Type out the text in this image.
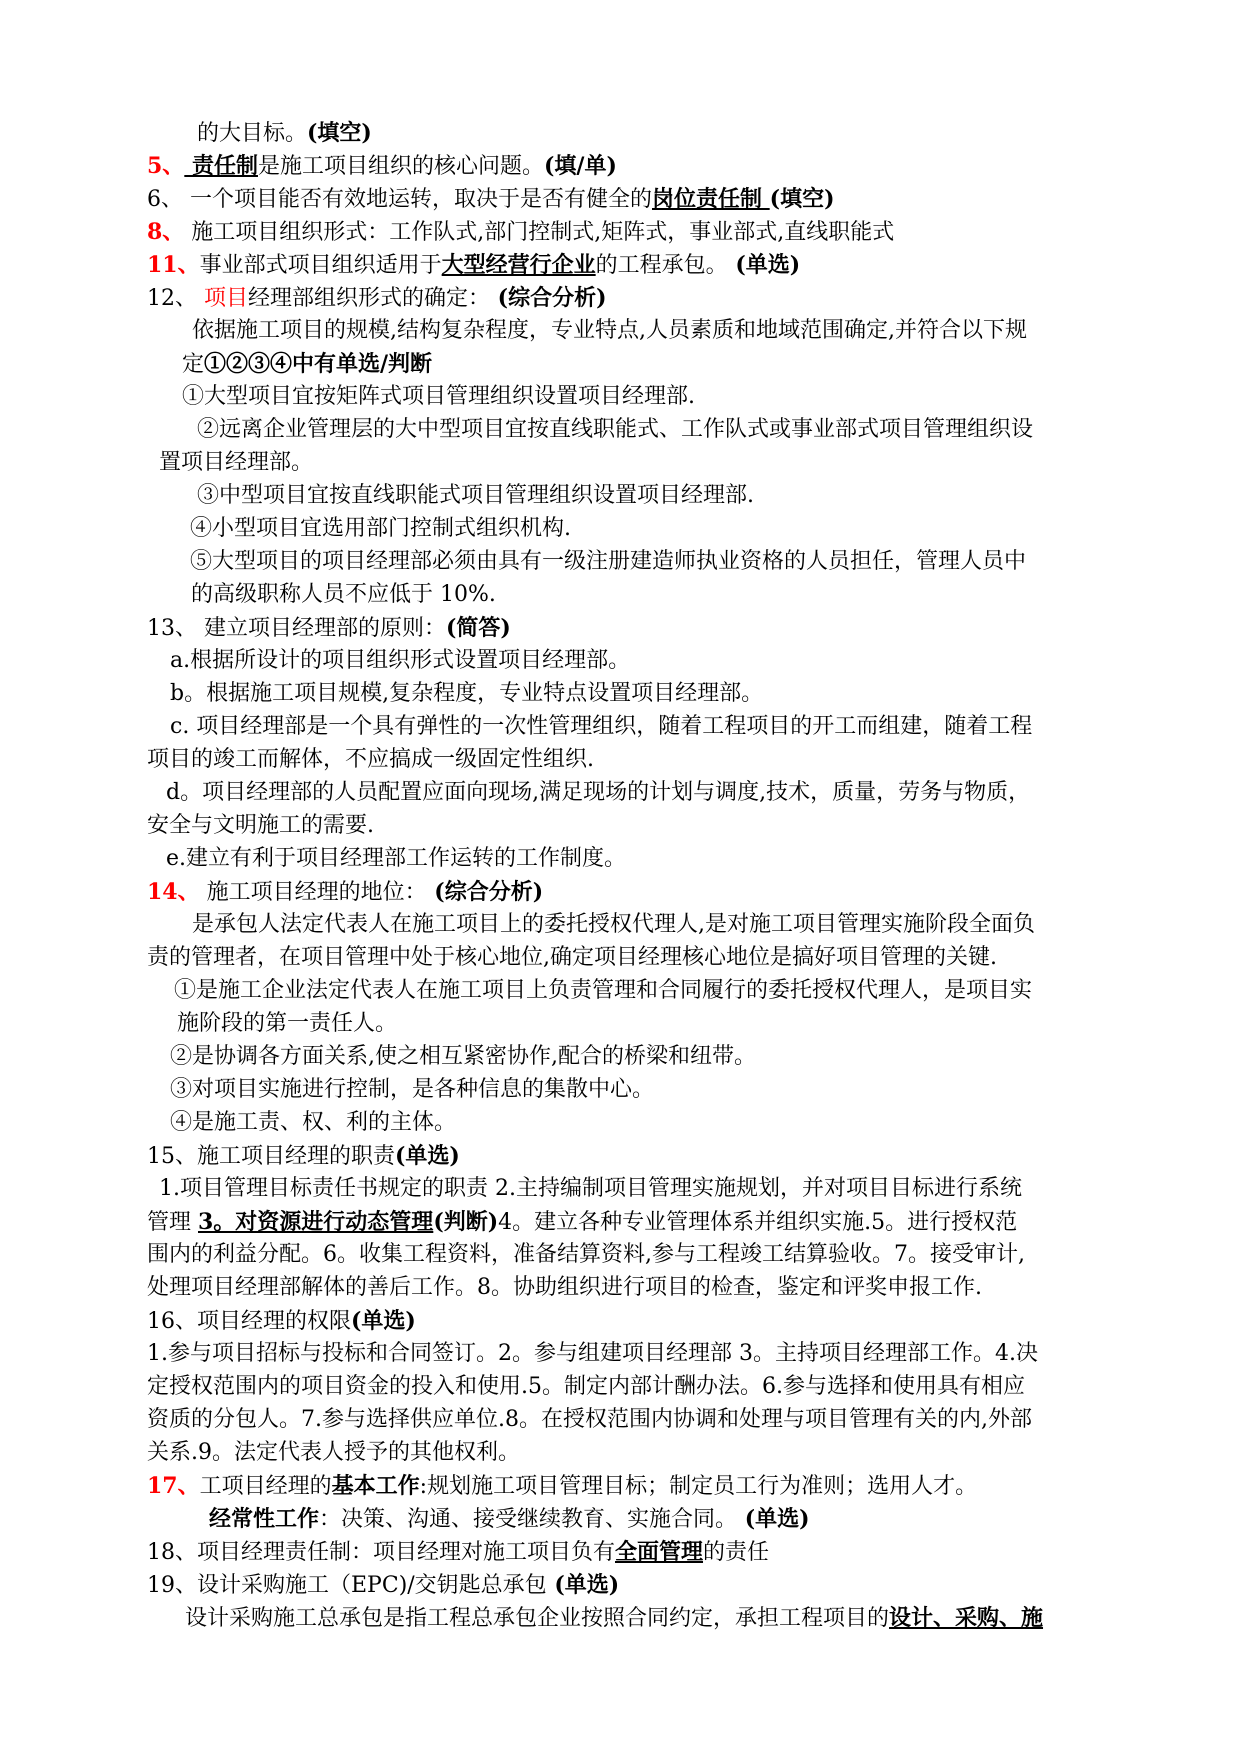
的大目标。(填空)
5、 责任制是施工项目组织的核心问题。(填/单)
6、 一个项目能否有效地运转，取决于是否有健全的岗位责任制 (填空)
8、 施工项目组织形式：工作队式,部门控制式,矩阵式，事业部式,直线职能式
11、事业部式项目组织适用于大型经营行企业的工程承包。 (单选)
12、 项目经理部组织形式的确定： (综合分析)
依据施工项目的规模,结构复杂程度，专业特点,人员素质和地域范围确定,并符合以下规
定①②③④中有单选/判断
①大型项目宜按矩阵式项目管理组织设置项目经理部.
②远离企业管理层的大中型项目宜按直线职能式、工作队式或事业部式项目管理组织设
置项目经理部。
③中型项目宜按直线职能式项目管理组织设置项目经理部.
④小型项目宜选用部门控制式组织机构.
⑤大型项目的项目经理部必须由具有一级注册建造师执业资格的人员担任，管理人员中
的高级职称人员不应低于 10%.
13、 建立项目经理部的原则：(简答)
a.根据所设计的项目组织形式设置项目经理部。
b。根据施工项目规模,复杂程度，专业特点设置项目经理部。
c. 项目经理部是一个具有弹性的一次性管理组织，随着工程项目的开工而组建，随着工程
项目的竣工而解体，不应搞成一级固定性组织.
d。项目经理部的人员配置应面向现场,满足现场的计划与调度,技术，质量，劳务与物质，
安全与文明施工的需要.
e.建立有利于项目经理部工作运转的工作制度。
14、 施工项目经理的地位： (综合分析)
是承包人法定代表人在施工项目上的委托授权代理人,是对施工项目管理实施阶段全面负
责的管理者，在项目管理中处于核心地位,确定项目经理核心地位是搞好项目管理的关键.
①是施工企业法定代表人在施工项目上负责管理和合同履行的委托授权代理人，是项目实
施阶段的第一责任人。
②是协调各方面关系,使之相互紧密协作,配合的桥梁和纽带。
③对项目实施进行控制，是各种信息的集散中心。
④是施工责、权、利的主体。
15、施工项目经理的职责(单选)
1.项目管理目标责任书规定的职责 2.主持编制项目管理实施规划，并对项目目标进行系统
管理 3。对资源进行动态管理(判断)4。建立各种专业管理体系并组织实施.5。进行授权范
围内的利益分配。6。收集工程资料，准备结算资料,参与工程竣工结算验收。7。接受审计,
处理项目经理部解体的善后工作。8。协助组织进行项目的检查，鉴定和评奖申报工作.
16、项目经理的权限(单选)
1.参与项目招标与投标和合同签订。2。参与组建项目经理部 3。主持项目经理部工作。4.决
定授权范围内的项目资金的投入和使用.5。制定内部计酬办法。6.参与选择和使用具有相应
资质的分包人。7.参与选择供应单位.8。在授权范围内协调和处理与项目管理有关的内,外部
关系.9。法定代表人授予的其他权利。
17、工项目经理的基本工作:规划施工项目管理目标；制定员工行为准则；选用人才。
经常性工作：决策、沟通、接受继续教育、实施合同。 (单选)
18、项目经理责任制：项目经理对施工项目负有全面管理的责任
19、设计采购施工（EPC)/交钥匙总承包 (单选)
设计采购施工总承包是指工程总承包企业按照合同约定，承担工程项目的设计、采购、施
